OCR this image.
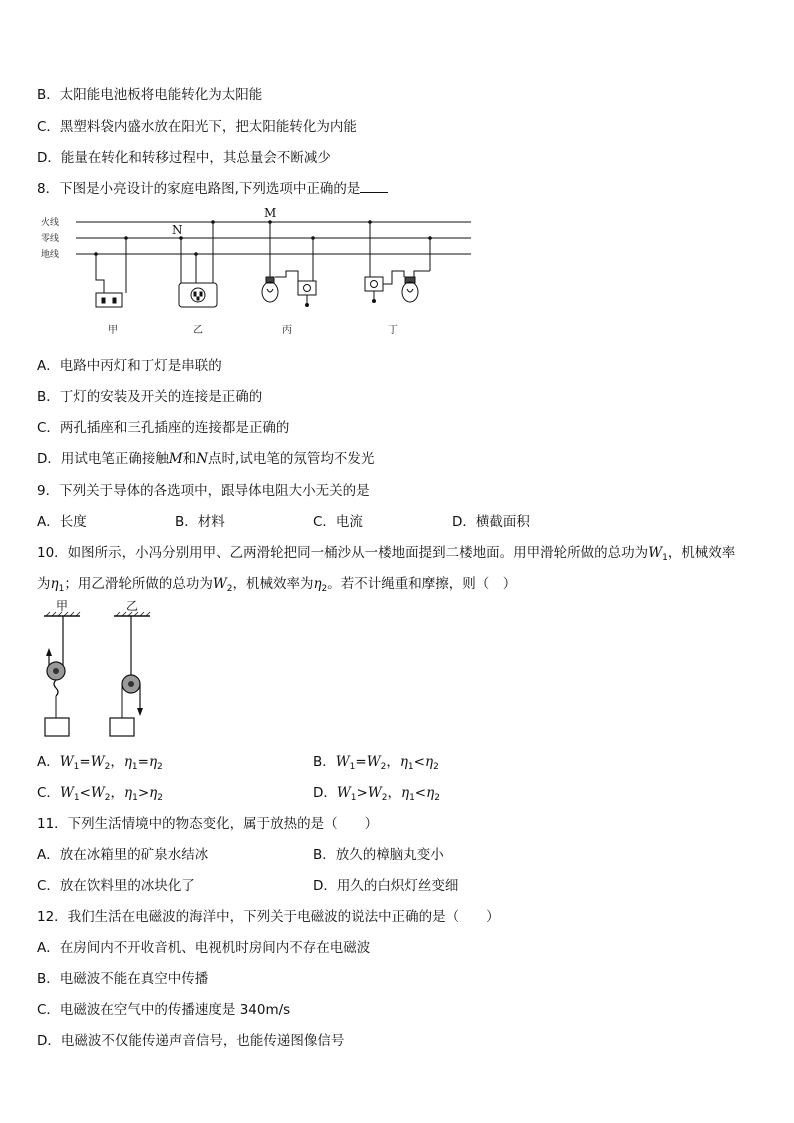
B．太阳能电池板将电能转化为太阳能
C．黑塑料袋内盛水放在阳光下，把太阳能转化为内能
D．能量在转化和转移过程中，其总量会不断减少
8．下图是小亮设计的家庭电路图,下列选项中正确的是
火线
零线
地线
M
N
甲	乙	丙	丁
A．电路中丙灯和丁灯是串联的
B．丁灯的安装及开关的连接是正确的
C．两孔插座和三孔插座的连接都是正确的
D．用试电笔正确接触M和N点时,试电笔的氖管均不发光
9．下列关于导体的各选项中，跟导体电阻大小无关的是
A．长度	B．材料	C．电流	D．横截面积
10．如图所示，小冯分别用甲、乙两滑轮把同一桶沙从一楼地面提到二楼地面。用甲滑轮所做的总功为$W_1$，机械效率
为$\eta_1$；用乙滑轮所做的总功为$W_2$，机械效率为$\eta_2$。若不计绳重和摩擦，则（　）
甲	乙
A．$W_1=W_2$，$\eta_1=\eta_2$	B．$W_1=W_2$，$\eta_1<\eta_2$
C．$W_1<W_2$，$\eta_1>\eta_2$	D．$W_1>W_2$，$\eta_1<\eta_2$
11．下列生活情境中的物态变化，属于放热的是（　　）
A．放在冰箱里的矿泉水结冰	B．放久的樟脑丸变小
C．放在饮料里的冰块化了	D．用久的白炽灯丝变细
12．我们生活在电磁波的海洋中，下列关于电磁波的说法中正确的是（　　）
A．在房间内不开收音机、电视机时房间内不存在电磁波
B．电磁波不能在真空中传播
C．电磁波在空气中的传播速度是 340m/s
D．电磁波不仅能传递声音信号，也能传递图像信号
